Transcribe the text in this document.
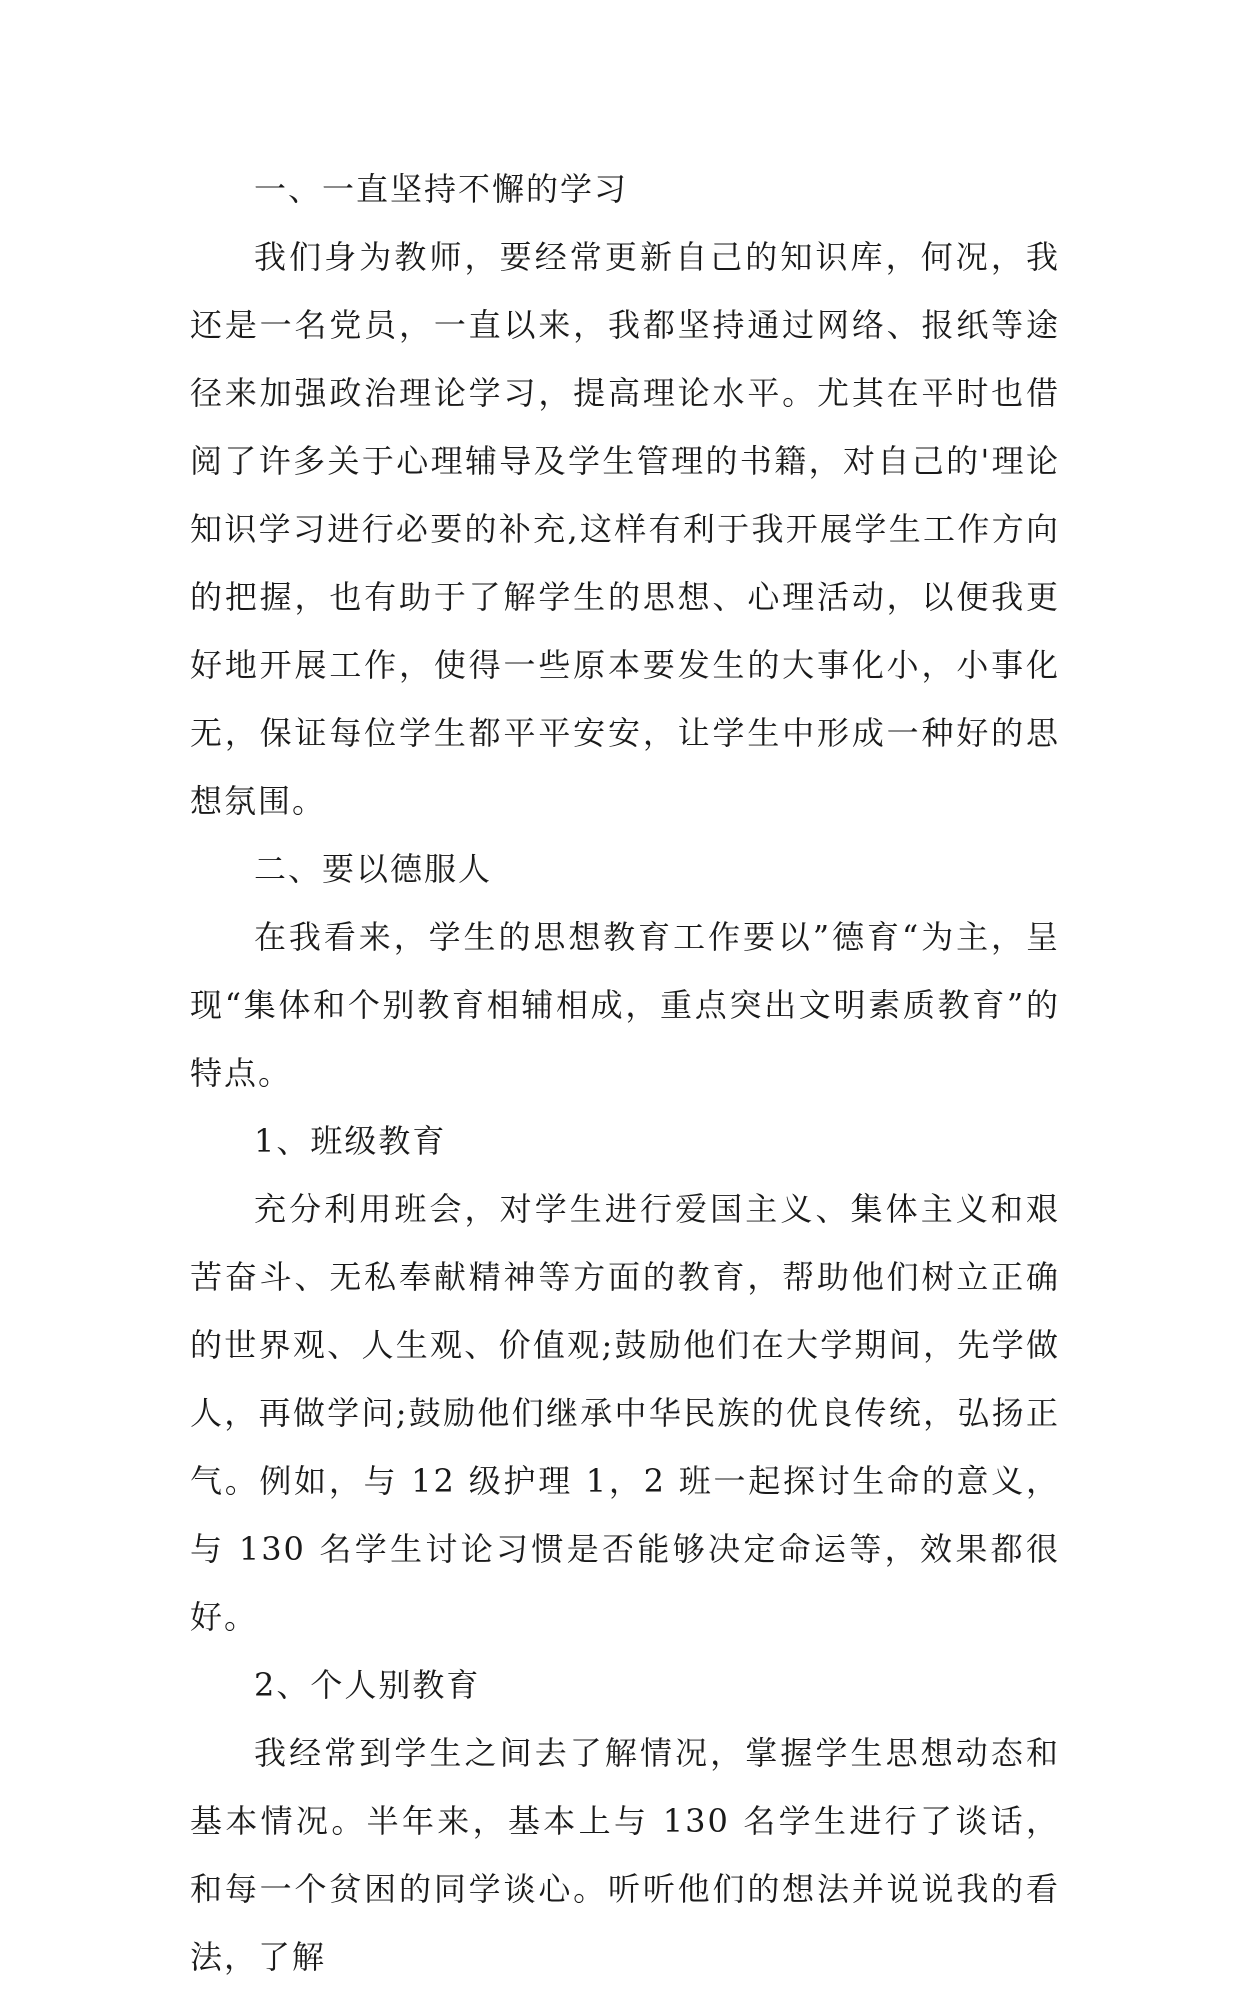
一、一直坚持不懈的学习

我们身为教师，要经常更新自己的知识库，何况，我还是一名党员，一直以来，我都坚持通过网络、报纸等途径来加强政治理论学习，提高理论水平。尤其在平时也借阅了许多关于心理辅导及学生管理的书籍，对自己的'理论知识学习进行必要的补充,这样有利于我开展学生工作方向的把握，也有助于了解学生的思想、心理活动，以便我更好地开展工作，使得一些原本要发生的大事化小，小事化无，保证每位学生都平平安安，让学生中形成一种好的思想氛围。

二、要以德服人

在我看来，学生的思想教育工作要以”德育“为主，呈现“集体和个别教育相辅相成，重点突出文明素质教育”的特点。

1、班级教育

充分利用班会，对学生进行爱国主义、集体主义和艰苦奋斗、无私奉献精神等方面的教育，帮助他们树立正确的世界观、人生观、价值观;鼓励他们在大学期间，先学做人，再做学问;鼓励他们继承中华民族的优良传统，弘扬正气。例如，与 12 级护理 1，2 班一起探讨生命的意义，与 130 名学生讨论习惯是否能够决定命运等，效果都很好。

2、个人别教育

我经常到学生之间去了解情况，掌握学生思想动态和基本情况。半年来，基本上与 130 名学生进行了谈话，和每一个贫困的同学谈心。听听他们的想法并说说我的看法，了解
